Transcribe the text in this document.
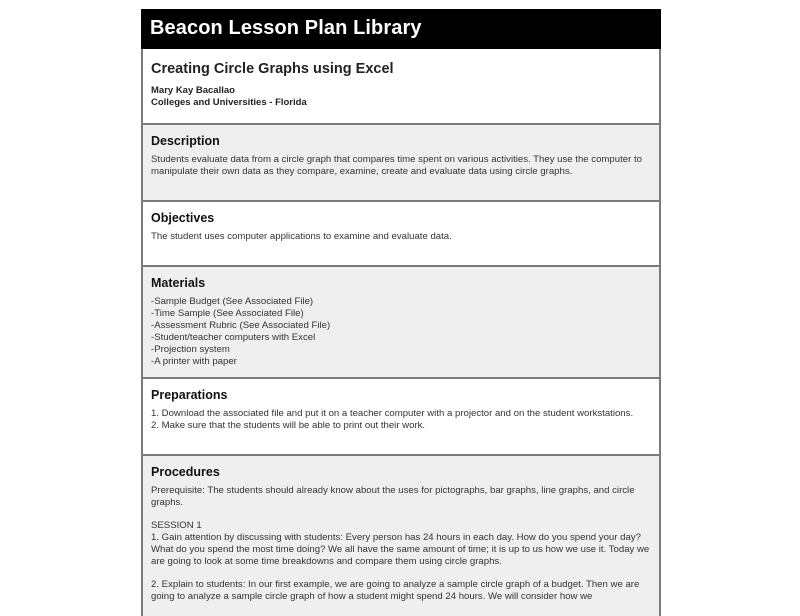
Beacon Lesson Plan Library
Creating Circle Graphs using Excel
Mary Kay Bacallao
Colleges and Universities - Florida
Description
Students evaluate data from a circle graph that compares time spent on various activities. They use the computer to manipulate their own data as they compare, examine, create and evaluate data using circle graphs.
Objectives
The student uses computer applications to examine and evaluate data.
Materials
-Sample Budget (See Associated File)
-Time Sample (See Associated File)
-Assessment Rubric (See Associated File)
-Student/teacher computers with Excel
-Projection system
-A printer with paper
Preparations
1. Download the associated file and put it on a teacher computer with a projector and on the student workstations.
2. Make sure that the students will be able to print out their work.
Procedures
Prerequisite: The students should already know about the uses for pictographs, bar graphs, line graphs, and circle graphs.
SESSION 1
1. Gain attention by discussing with students: Every person has 24 hours in each day. How do you spend your day? What do you spend the most time doing? We all have the same amount of time; it is up to us how we use it. Today we are going to look at some time breakdowns and compare them using circle graphs.
2. Explain to students: In our first example, we are going to analyze a sample circle graph of a budget. Then we are going to analyze a sample circle graph of how a student might spend 24 hours. We will consider how we
